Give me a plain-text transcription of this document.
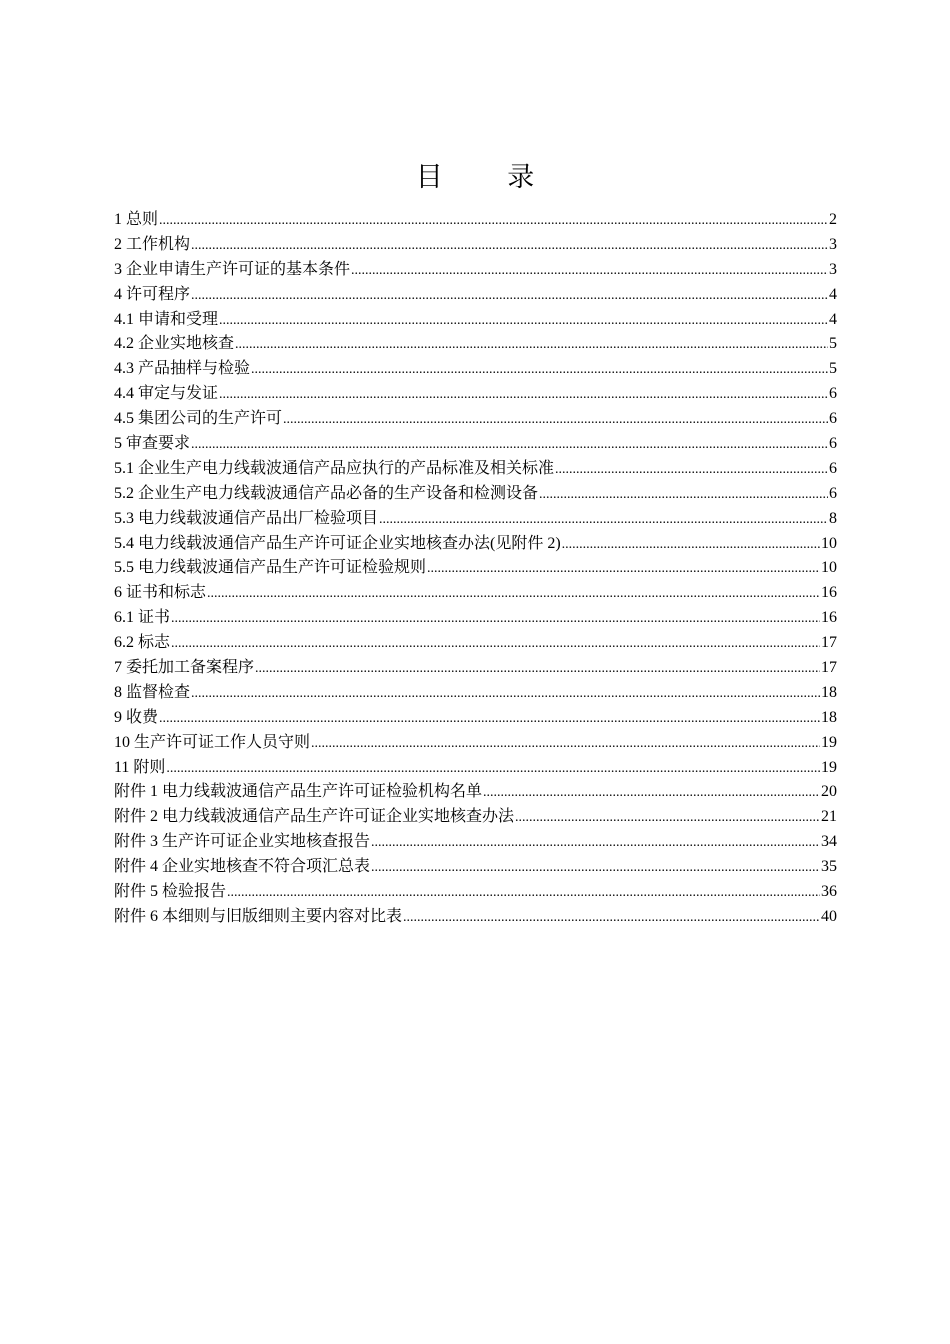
目 录
1 总则 .....	2
2 工作机构 .....	3
3 企业申请生产许可证的基本条件 .....	3
4 许可程序 .....	4
4.1 申请和受理 .....	4
4.2 企业实地核查 .....	5
4.3 产品抽样与检验 .....	5
4.4 审定与发证 .....	6
4.5 集团公司的生产许可 .....	6
5 审查要求 .....	6
5.1 企业生产电力线载波通信产品应执行的产品标准及相关标准 .....	6
5.2 企业生产电力线载波通信产品必备的生产设备和检测设备 .....	6
5.3 电力线载波通信产品出厂检验项目 .....	8
5.4 电力线载波通信产品生产许可证企业实地核查办法(见附件 2) .....	10
5.5 电力线载波通信产品生产许可证检验规则 .....	10
6 证书和标志 .....	16
6.1 证书 .....	16
6.2 标志 .....	17
7 委托加工备案程序 .....	17
8 监督检查 .....	18
9 收费 .....	18
10 生产许可证工作人员守则 .....	19
11 附则 .....	19
附件 1 电力线载波通信产品生产许可证检验机构名单 .....	20
附件 2 电力线载波通信产品生产许可证企业实地核查办法 .....	21
附件 3 生产许可证企业实地核查报告 .....	34
附件 4 企业实地核查不符合项汇总表 .....	35
附件 5 检验报告 .....	36
附件 6 本细则与旧版细则主要内容对比表 .....	40
